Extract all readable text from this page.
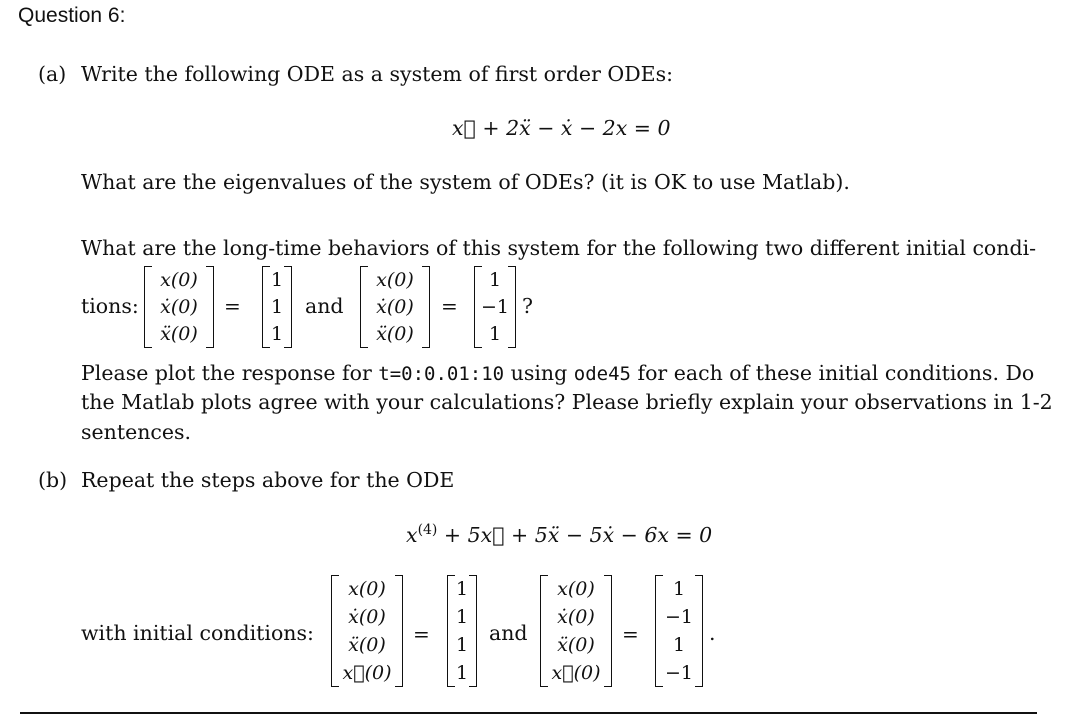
Question 6:
(a) Write the following ODE as a system of first order ODEs:
x⃛ + 2ẍ − ẋ − 2x = 0
What are the eigenvalues of the system of ODEs? (it is OK to use Matlab).
What are the long-time behaviors of this system for the following two different initial condi-
tions:
x(0)
ẋ(0)
ẍ(0)
=
1
1
1
and
x(0)
ẋ(0)
ẍ(0)
=
1
−1
1
?
Please plot the response for t=0:0.01:10 using ode45 for each of these initial conditions. Do
the Matlab plots agree with your calculations? Please briefly explain your observations in 1-2
sentences.
(b) Repeat the steps above for the ODE
$x^{(4)}$ + 5x⃛ + 5ẍ − 5ẋ − 6x = 0
with initial conditions:
x(0)
ẋ(0)
ẍ(0)
x⃛(0)
=
1
1
1
1
and
x(0)
ẋ(0)
ẍ(0)
x⃛(0)
=
1
−1
1
−1
.
